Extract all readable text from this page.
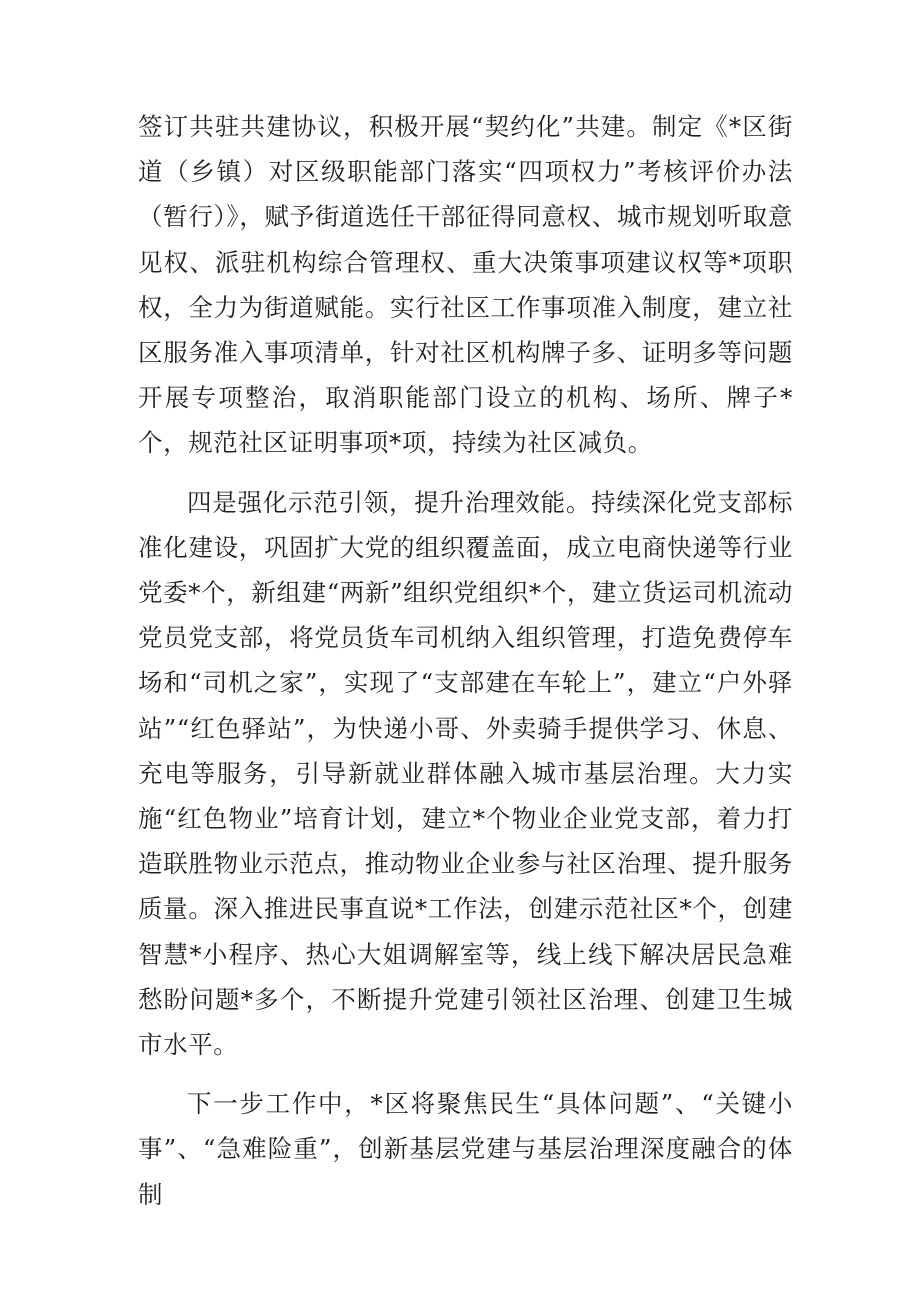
签订共驻共建协议，积极开展“契约化”共建。制定《*区街道（乡镇）对区级职能部门落实“四项权力”考核评价办法（暂行）》，赋予街道选任干部征得同意权、城市规划听取意见权、派驻机构综合管理权、重大决策事项建议权等*项职权，全力为街道赋能。实行社区工作事项准入制度，建立社区服务准入事项清单，针对社区机构牌子多、证明多等问题开展专项整治，取消职能部门设立的机构、场所、牌子*个，规范社区证明事项*项，持续为社区减负。

四是强化示范引领，提升治理效能。持续深化党支部标准化建设，巩固扩大党的组织覆盖面，成立电商快递等行业党委*个，新组建“两新”组织党组织*个，建立货运司机流动党员党支部，将党员货车司机纳入组织管理，打造免费停车场和“司机之家”，实现了“支部建在车轮上”，建立“户外驿站”“红色驿站”，为快递小哥、外卖骑手提供学习、休息、充电等服务，引导新就业群体融入城市基层治理。大力实施“红色物业”培育计划，建立*个物业企业党支部，着力打造联胜物业示范点，推动物业企业参与社区治理、提升服务质量。深入推进民事直说*工作法，创建示范社区*个，创建智慧*小程序、热心大姐调解室等，线上线下解决居民急难愁盼问题*多个，不断提升党建引领社区治理、创建卫生城市水平。

下一步工作中，*区将聚焦民生“具体问题”、“关键小事”、“急难险重”，创新基层党建与基层治理深度融合的体制
